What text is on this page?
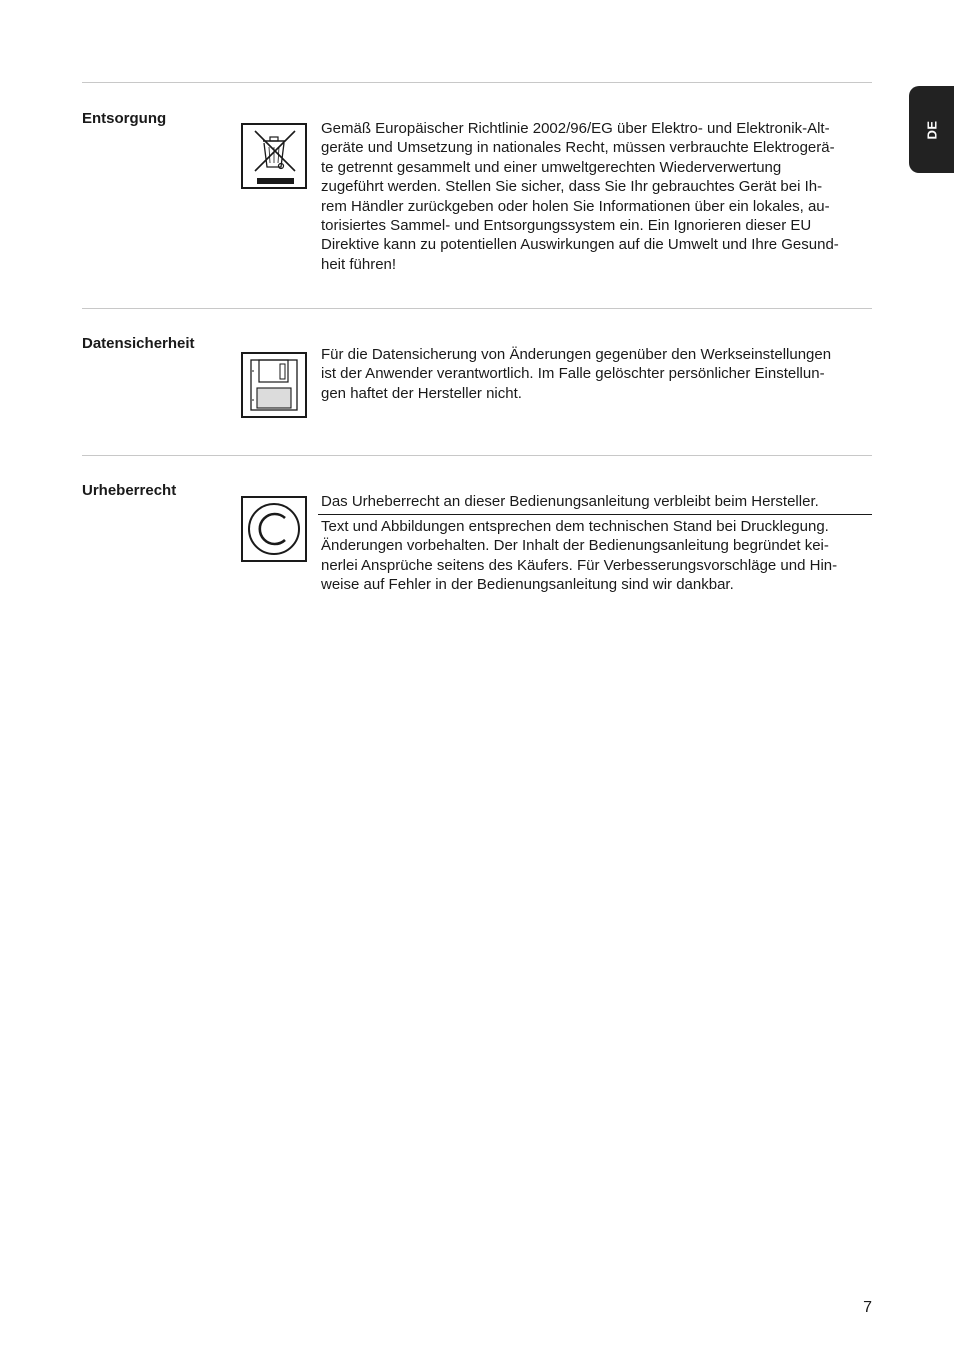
DE
Entsorgung
Gemäß Europäischer Richtlinie 2002/96/EG über Elektro- und Elektronik-Alt-
geräte und Umsetzung in nationales Recht, müssen verbrauchte Elektrogerä-
te getrennt gesammelt und einer umweltgerechten Wiederverwertung
zugeführt werden. Stellen Sie sicher, dass Sie Ihr gebrauchtes Gerät bei Ih-
rem Händler zurückgeben oder holen Sie Informationen über ein lokales, au-
torisiertes Sammel- und Entsorgungssystem ein. Ein Ignorieren dieser EU
Direktive kann zu potentiellen Auswirkungen auf die Umwelt und Ihre Gesund-
heit führen!
Datensicherheit
Für die Datensicherung von Änderungen gegenüber den Werkseinstellungen
ist der Anwender verantwortlich. Im Falle gelöschter persönlicher Einstellun-
gen haftet der Hersteller nicht.
Urheberrecht
Das Urheberrecht an dieser Bedienungsanleitung verbleibt beim Hersteller.
Text und Abbildungen entsprechen dem technischen Stand bei Drucklegung.
Änderungen vorbehalten. Der Inhalt der Bedienungsanleitung begründet kei-
nerlei Ansprüche seitens des Käufers. Für Verbesserungsvorschläge und Hin-
weise auf Fehler in der Bedienungsanleitung sind wir dankbar.
7
